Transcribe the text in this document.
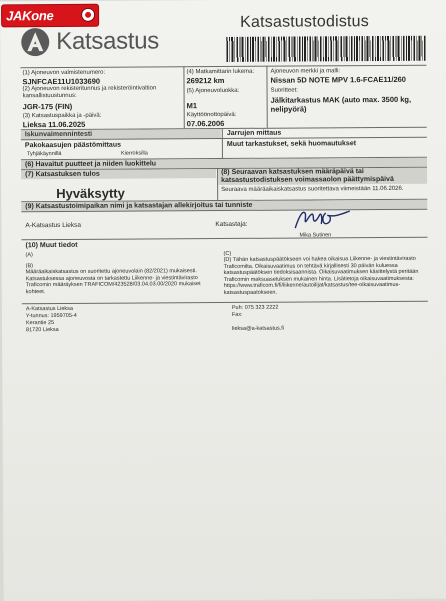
JAKone
Katsastus
Katsastustodistus
(1) Ajoneuvon valmistenumero:
SJNFCAE11U1033690
(2) Ajoneuvon rekisteritunnus ja rekisteröintivaltion kansallistuustunnus:
JGR-175 (FIN)
(3) Katsastuspaikka ja -päivä:
Lieksa 11.06.2025
(4) Matkamittarin lukema:
269212 km
(5) Ajoneuvoluokka:
M1
Käyttöönottopäivä:
07.06.2006
Ajoneuvon merkki ja malli:
Nissan 5D NOTE MPV 1.6-FCAE11/260
Suoritteet:
Jälkitarkastus MAK (auto max. 3500 kg, nelipyörä)
Iskunvaimennintesti	Jarrujen mittaus
Pakokaasujen päästömittaus	Muut tarkastukset, sekä huomautukset
Tyhjäkäynnillä	Kierroksilla
(6) Havaitut puutteet ja niiden luokittelu
(7) Katsastuksen tulos
Hyväksytty
(8) Seuraavan katsastuksen määräpäivä tai katsastustodistuksen voimassaolon päättymispäivä
Seuraava määräaikaiskatsastus suoritettava viimeistään 11.06.2026.
(9) Katsastustoimipaikan nimi ja katsastajan allekirjoitus tai tunniste
A-Katsastus Lieksa	Katsastaja:
Mika Sutinen
(10) Muut tiedot
(A)
(B)
Määräaikaiskatsastus on suoritettu ajoneuvolain (82/2021) mukaisesti. Katsastuksessa ajoneuvosta on tarkastettu Liikenne- ja viestintävirasto Traficomin määräyksen TRAFICOM/423528/03.04.03.00/2020 mukaiset kohteet.
(C)
(D) Tähän katsastuspäätökseen voi hakea oikaisua Liikenne- ja viestintävirasto Traficomilta. Oikaisuvaatimus on tehtävä kirjallisesti 30 päivän kuluessa katsastuspäätöksen tiedoksisaannista. Oikaisuvaatimuksen käsittelystä peritään Traficomin maksuasetuksen mukainen hinta. Lisätietoja oikaisuvaatimuksesta: https://www.traficom.fi/fi/liikenne/autoilijat/katsastus/tee-oikaisuvaatimus-katsastuspaatokseen.
A-Katsastus Lieksa
Y-tunnus: 1959705-4
Kerantie 25
81720 Lieksa
Puh: 075 323 2222
Fax:
lieksa@a-katsastus.fi
